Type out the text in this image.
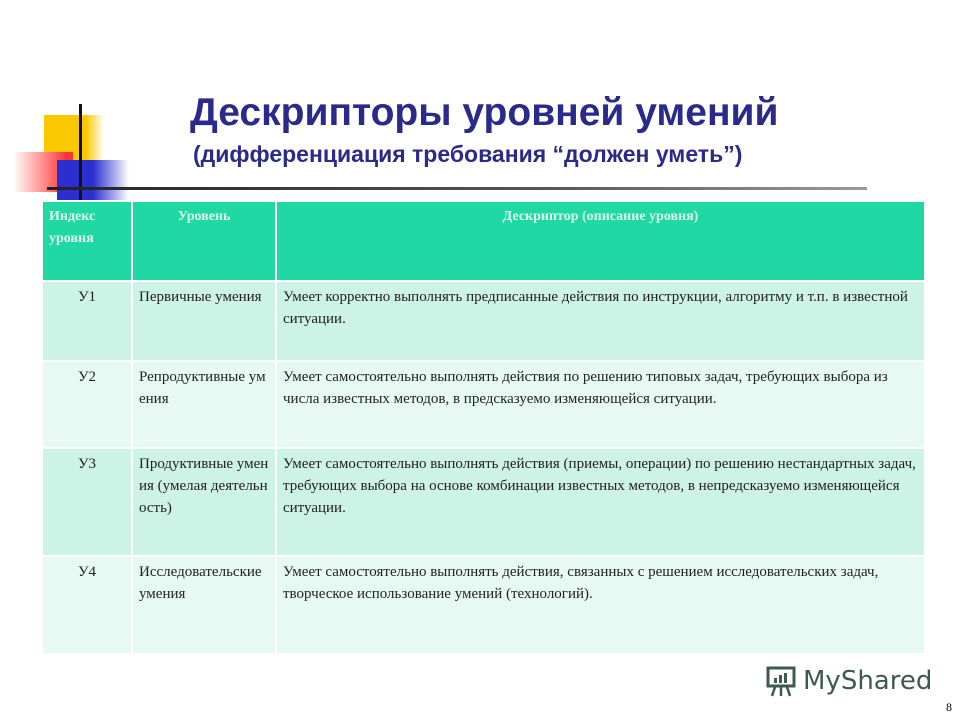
Дескрипторы уровней умений
(дифференциация требования “должен уметь”)
Индекс уровня	Уровень	Дескриптор (описание уровня)
У1	Первичные умения	Умеет корректно выполнять предписанные действия по инструкции, алгоритму и т.п. в известной ситуации.
У2	Репродуктивные умения	Умеет самостоятельно выполнять действия по решению типовых задач, требующих выбора из числа известных методов, в предсказуемо изменяющейся ситуации.
У3	Продуктивные умения (умелая деятельность)	Умеет самостоятельно выполнять действия (приемы, операции) по решению нестандартных задач, требующих выбора на основе комбинации известных методов, в непредсказуемо изменяющейся ситуации.
У4	Исследовательские умения	Умеет самостоятельно выполнять действия, связанных с решением исследовательских задач, творческое использование умений (технологий).
MyShared
8
